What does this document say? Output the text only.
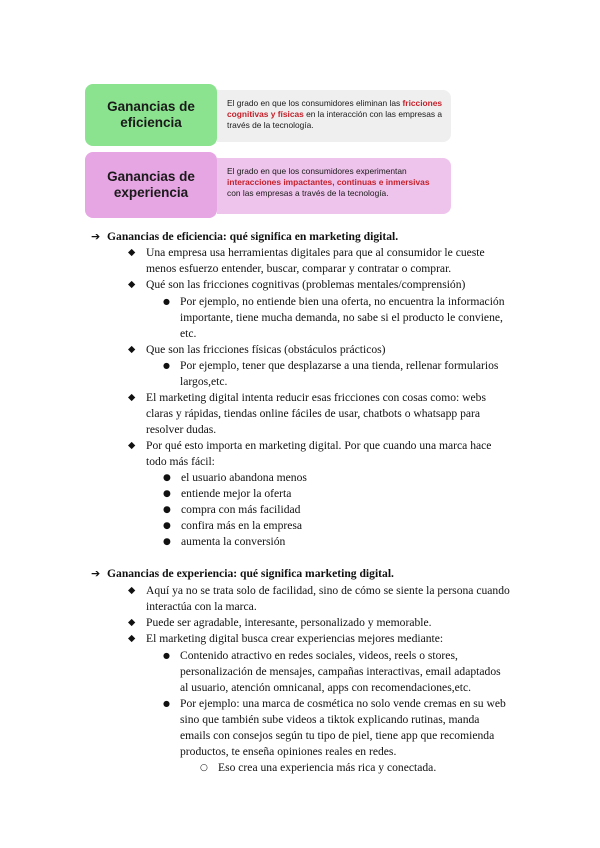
El grado en que los consumidores eliminan las fricciones cognitivas y físicas en la interacción con las empresas a través de la tecnología.
Ganancias de
eficiencia
El grado en que los consumidores experimentan interacciones impactantes, continuas e inmersivas con las empresas a través de la tecnología.
Ganancias de
experiencia
➔ Ganancias de eficiencia: qué significa en marketing digital.
◆ Una empresa usa herramientas digitales para que al consumidor le cueste
menos esfuerzo entender, buscar, comparar y contratar o comprar.
◆ Qué son las fricciones cognitivas (problemas mentales/comprensión)
● Por ejemplo, no entiende bien una oferta, no encuentra la información
importante, tiene mucha demanda, no sabe si el producto le conviene,
etc.
◆ Que son las fricciones físicas (obstáculos prácticos)
● Por ejemplo, tener que desplazarse a una tienda, rellenar formularios
largos,etc.
◆ El marketing digital intenta reducir esas fricciones con cosas como: webs
claras y rápidas, tiendas online fáciles de usar, chatbots o whatsapp para
resolver dudas.
◆ Por qué esto importa en marketing digital. Por que cuando una marca hace
todo más fácil:
● el usuario abandona menos
● entiende mejor la oferta
● compra con más facilidad
● confira más en la empresa
● aumenta la conversión
➔ Ganancias de experiencia: qué significa marketing digital.
◆ Aquí ya no se trata solo de facilidad, sino de cómo se siente la persona cuando
interactúa con la marca.
◆ Puede ser agradable, interesante, personalizado y memorable.
◆ El marketing digital busca crear experiencias mejores mediante:
● Contenido atractivo en redes sociales, videos, reels o stores,
personalización de mensajes, campañas interactivas, email adaptados
al usuario, atención omnicanal, apps con recomendaciones,etc.
● Por ejemplo: una marca de cosmética no solo vende cremas en su web
sino que también sube videos a tiktok explicando rutinas, manda
emails con consejos según tu tipo de piel, tiene app que recomienda
productos, te enseña opiniones reales en redes.
○ Eso crea una experiencia más rica y conectada.
